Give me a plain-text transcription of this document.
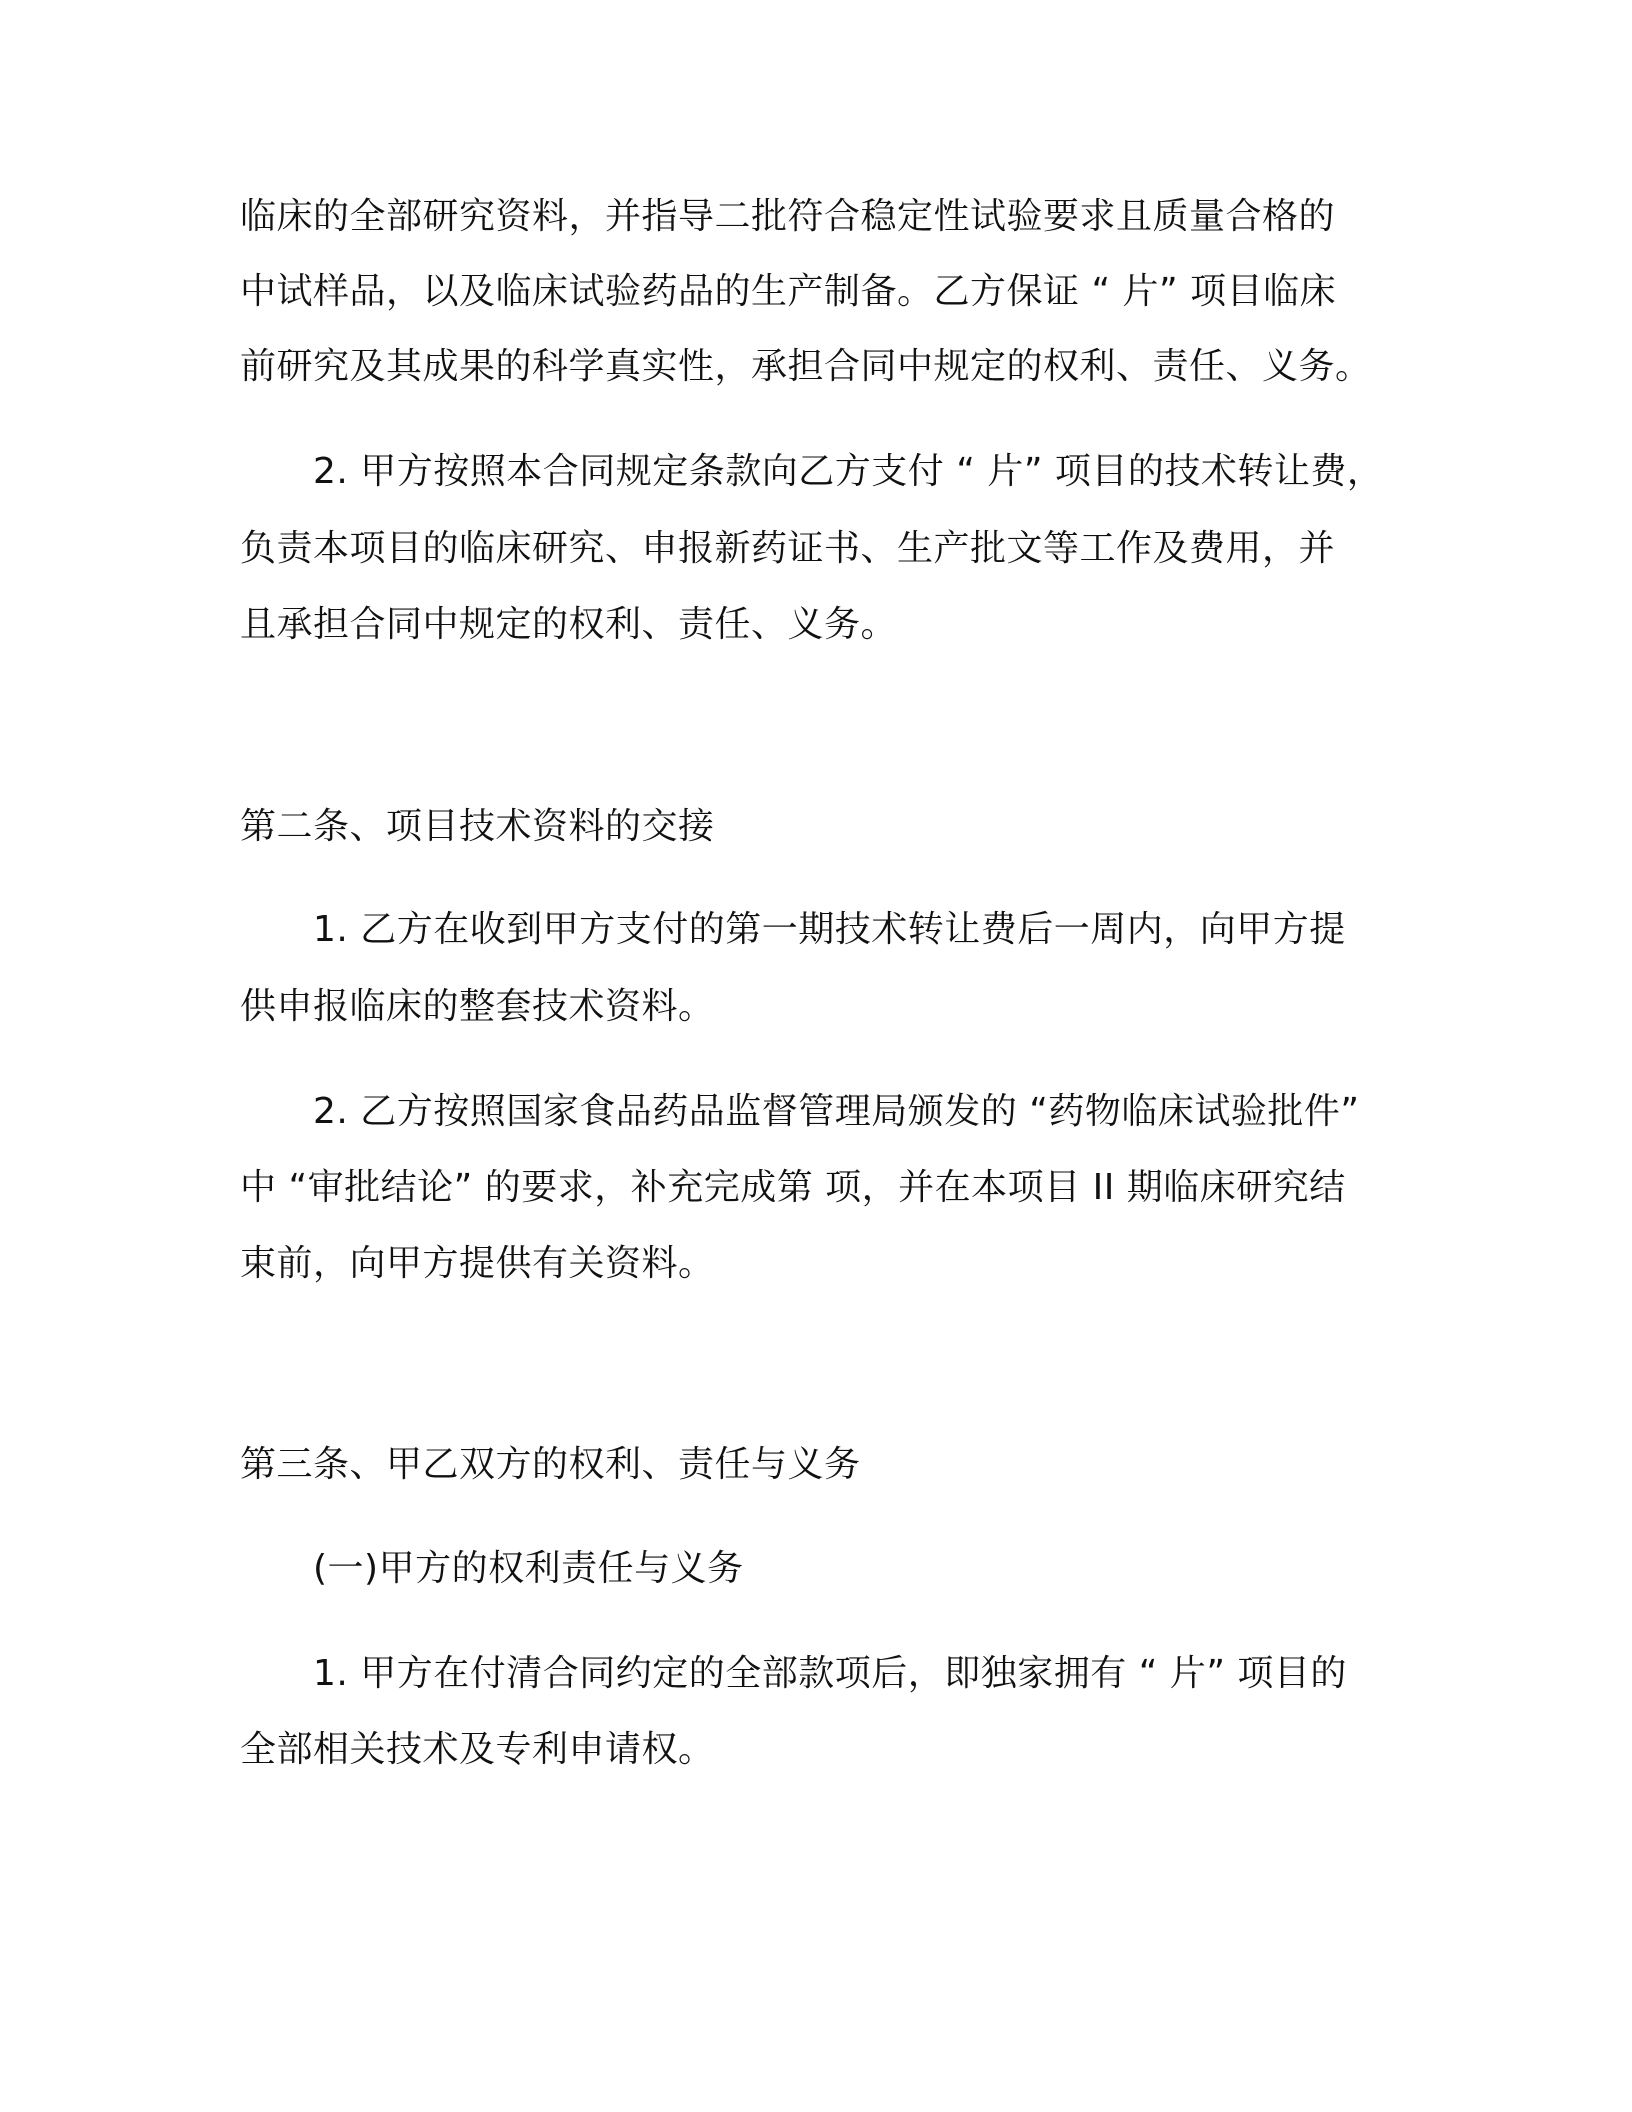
临床的全部研究资料，并指导二批符合稳定性试验要求且质量合格的
中试样品，以及临床试验药品的生产制备。乙方保证 “ 片” 项目临床
前研究及其成果的科学真实性，承担合同中规定的权利、责任、义务。
2. 甲方按照本合同规定条款向乙方支付 “ 片” 项目的技术转让费，
负责本项目的临床研究、申报新药证书、生产批文等工作及费用，并
且承担合同中规定的权利、责任、义务。
第二条、项目技术资料的交接
1. 乙方在收到甲方支付的第一期技术转让费后一周内，向甲方提
供申报临床的整套技术资料。
2. 乙方按照国家食品药品监督管理局颁发的 “药物临床试验批件”
中 “审批结论” 的要求，补充完成第 项，并在本项目 II 期临床研究结
束前，向甲方提供有关资料。
第三条、甲乙双方的权利、责任与义务
(一)甲方的权利责任与义务
1. 甲方在付清合同约定的全部款项后，即独家拥有 “ 片” 项目的
全部相关技术及专利申请权。
